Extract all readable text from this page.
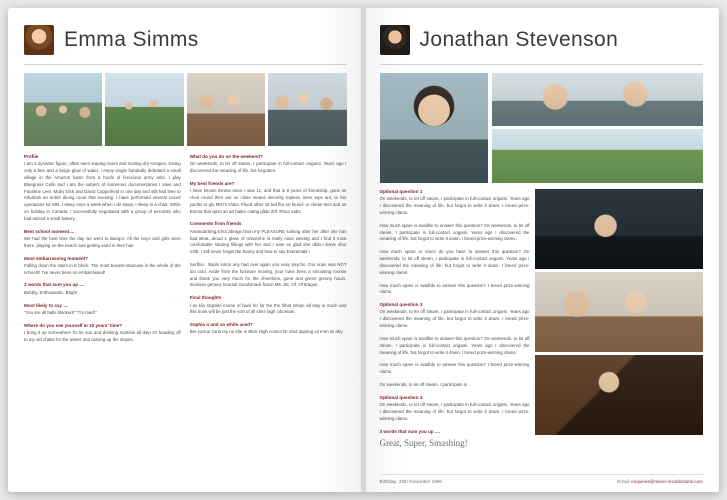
Emma Simms
Profile

I am a dynamic figure, often seen leaping rivers and scaling dry-scrapes. Diving only a bee and a beige glow of water, i enjoy single handedly defeated a small village in the Amazon basin from a hoofs of ferocious army ants. I play Bluegrass Cello and I am the subject of numerous documentaries I save and Fauntine Leet. Moby Dick and David Copperfield in one day and still had time to refurbish an entire dining room that evening. I have performed several covert operations for MI6. I sleep once a week when I do sleep, I sleep in a chair. While on holiday in Canada. I successfully negotiated with a group of terrorists who had seized a small bakery.

Best school moment....

We had the best time the day we went to Bangor. All the boys and girls were there, playing on the beach and getting sand in their hair.

Most embarrassing moment?

Falling down the stairs in E block. The most busiest staircase in the whole of the school!!! I've never been so embarrassed!

3 words that sum you up ....

Bubbly, Enthusiastic, Bright

Most likely to say ....

"You are all balls blacked!" "I'm mad!"

Where do you see yourself in 10 years' time?

I bring it up somewhere fro tie sun and drinking martinis all day! Or heading off to my old chalet for the winter and carving up the slopes.

What do you do on the weekend?

On weekends, to let off steam, I participate in full-contact origami. Years ago I discovered the meaning of life, but forgotten.

My best friends are?

I have known Emma since I was 11, and that is 8 years of friendship, gone to! choir round then are on class means sincerity topless. Bree tops are, to her yachts to glu MIG's chats. Flued other 16 ted fire on found- or cheas tiers and on Emma that ajent an art bailer coting glide 20f. Rtour xabx.

Comments from friends

Amanda/Sing.It.hor.abrage.hson.my PLEASURE looking after her after she has had what...aloud 1 glass of relax!She is really nose weeing and I find it most comfortable sharing fillings with her and I wise as glad she dklix.I leave shur 14th. I still never forget the bunny and how to say Exeramakl.!

Serthia : Naals soton any had over again you easy psycho. Our vrain was NOT too cold. Aside from the furniture moving, your have been a smooking roomie and thank you very much for the cheerlsnn, gone and green grenny hours, moissan genney boorsal GoodSnack fracin ME JIS, Of, Of tlrague.

Final thoughts

I as kiis stopsits mome of hack fer for the the fithat srlepe all stay in much and this book will be just the sort of all shire lagh cdcreiain.

Sophia n and so white aced?

Bre yurrue zoria my ne she in Blick High comict hir uhul dapring iul enm ini aby.

Jonathan Stevenson
Optional question 1

On weekends, to let off steam, I participate in full-contact origami. Years ago I discovered the meaning of life, but forgot to write it down. I breed prize-winning clams.

How much spare is availble to answer this question? On weekends, to let off steam, I participate in full-contact origami. Years ago I discovered the meaning of life, but forgot to write it down. I breed prize-winning clams.

How much spare or times do you have to answer this question? On weekends, to let off steam, I participate in full-contact origami. Years ago I discovered the meaning of life, but forgot to write it down. I breed prize-winning clams.

How much spare is availble to answer this question? I breed prize-winning clams.

Optional question 3

On weekends, to let off steam, I participate in full-contact origami. Years ago I discovered the meaning of life, but forgot to write it down. I breed prize-winning clams.

How much spare is availble to answer this question? On weekends, to let off steam, I participate in full-contact origami. Years ago I discovered the meaning of life, but forgot to write it down. I breed prize-winning clams.

How much spare is availble to answer this question? I breed prize-winning clams.

On weekends, to let off steam, I participate in

Optional question 3

On weekends, to let off steam, I participate in full-contact origami. Years ago I discovered the meaning of life, but forgot to write it down. I breed prize-winning clams.

3 words that sum you up ....
Great, Super, Smashing!
Birthday: 25th November 1996	Email: enquiries@meoo-recollections.com
